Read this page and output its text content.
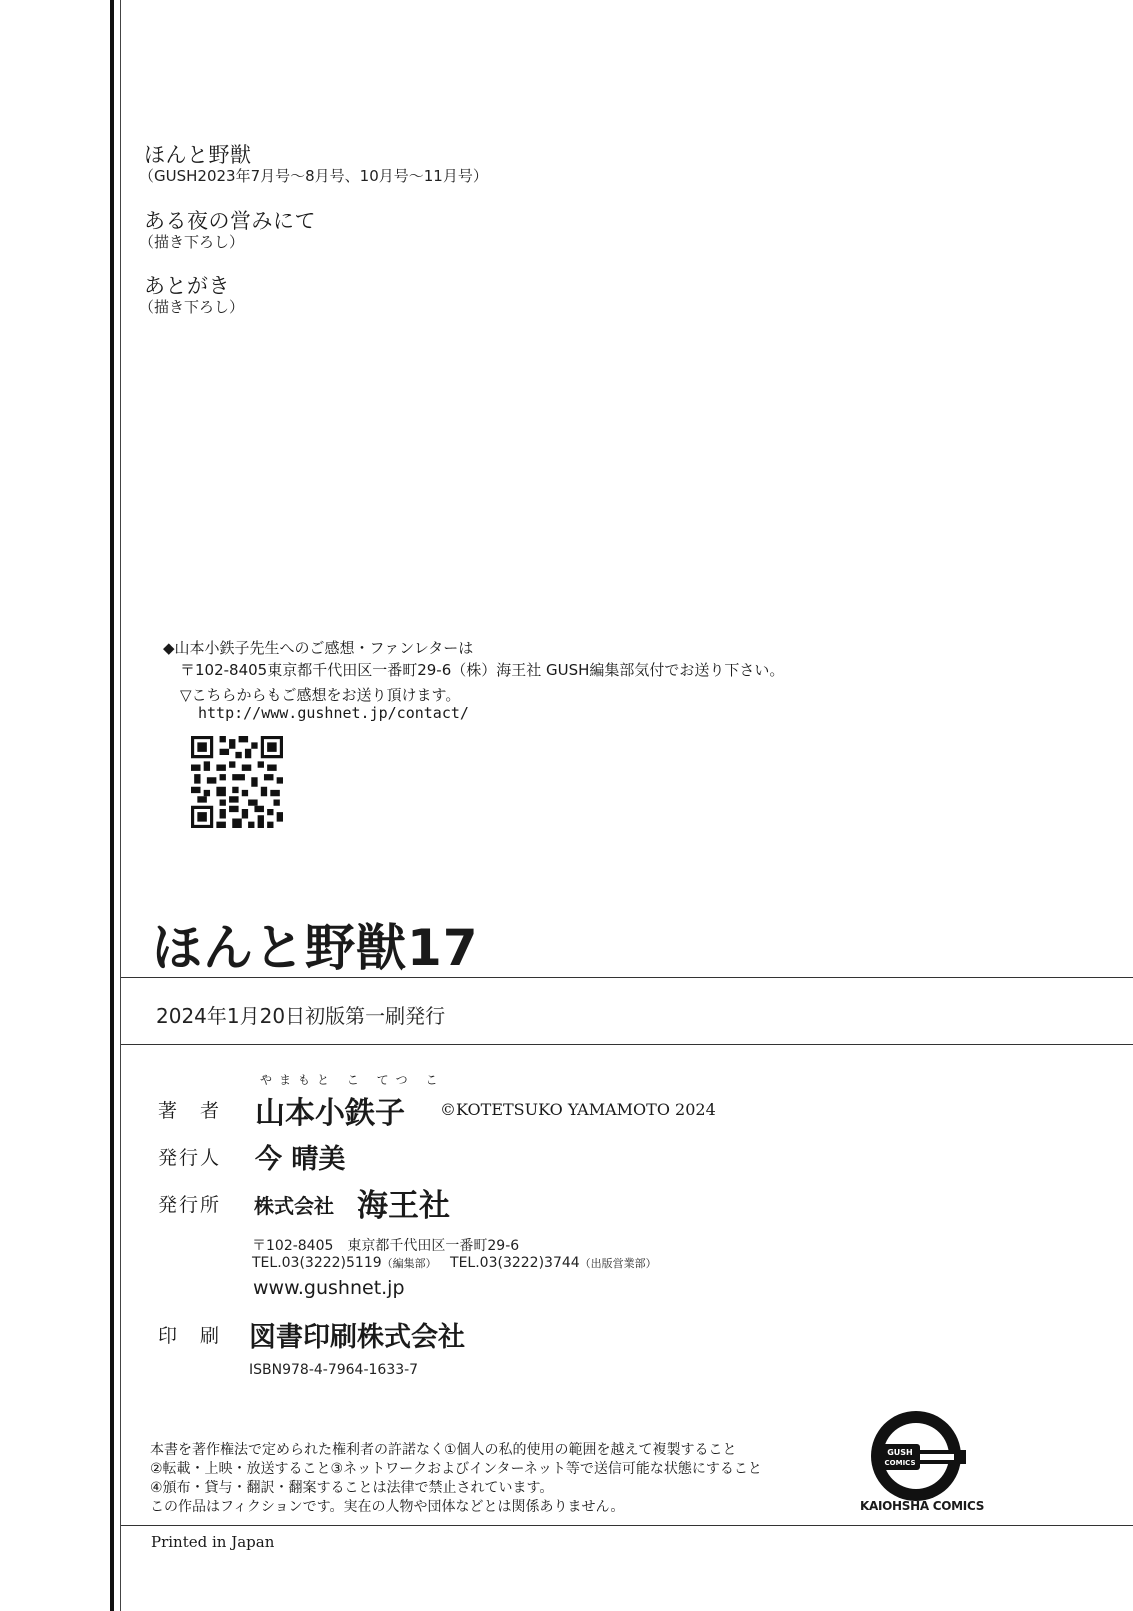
ほんと野獣
（GUSH2023年7月号～8月号、10月号～11月号）
ある夜の営みにて
（描き下ろし）
あとがき
（描き下ろし）
◆山本小鉄子先生へのご感想・ファンレターは
〒102-8405東京都千代田区一番町29-6（株）海王社 GUSH編集部気付でお送り下さい。
▽こちらからもご感想をお送り頂けます。
http://www.gushnet.jp/contact/
ほんと野獣17
2024年1月20日初版第一刷発行
やまもと こ てつ こ
著　者 山本小鉄子 ©KOTETSUKO YAMAMOTO 2024
発行人 今 晴美
発行所 株式会社 海王社
〒102-8405　東京都千代田区一番町29-6
TEL.03(3222)5119（編集部） TEL.03(3222)3744（出版営業部）
www.gushnet.jp
印　刷 図書印刷株式会社
ISBN978-4-7964-1633-7
本書を著作権法で定められた権利者の許諾なく①個人の私的使用の範囲を越えて複製すること
②転載・上映・放送すること③ネットワークおよびインターネット等で送信可能な状態にすること
④頒布・貸与・翻訳・翻案することは法律で禁止されています。
この作品はフィクションです。実在の人物や団体などとは関係ありません。
GUSH
COMICS
KAIOHSHA COMICS
Printed in Japan
